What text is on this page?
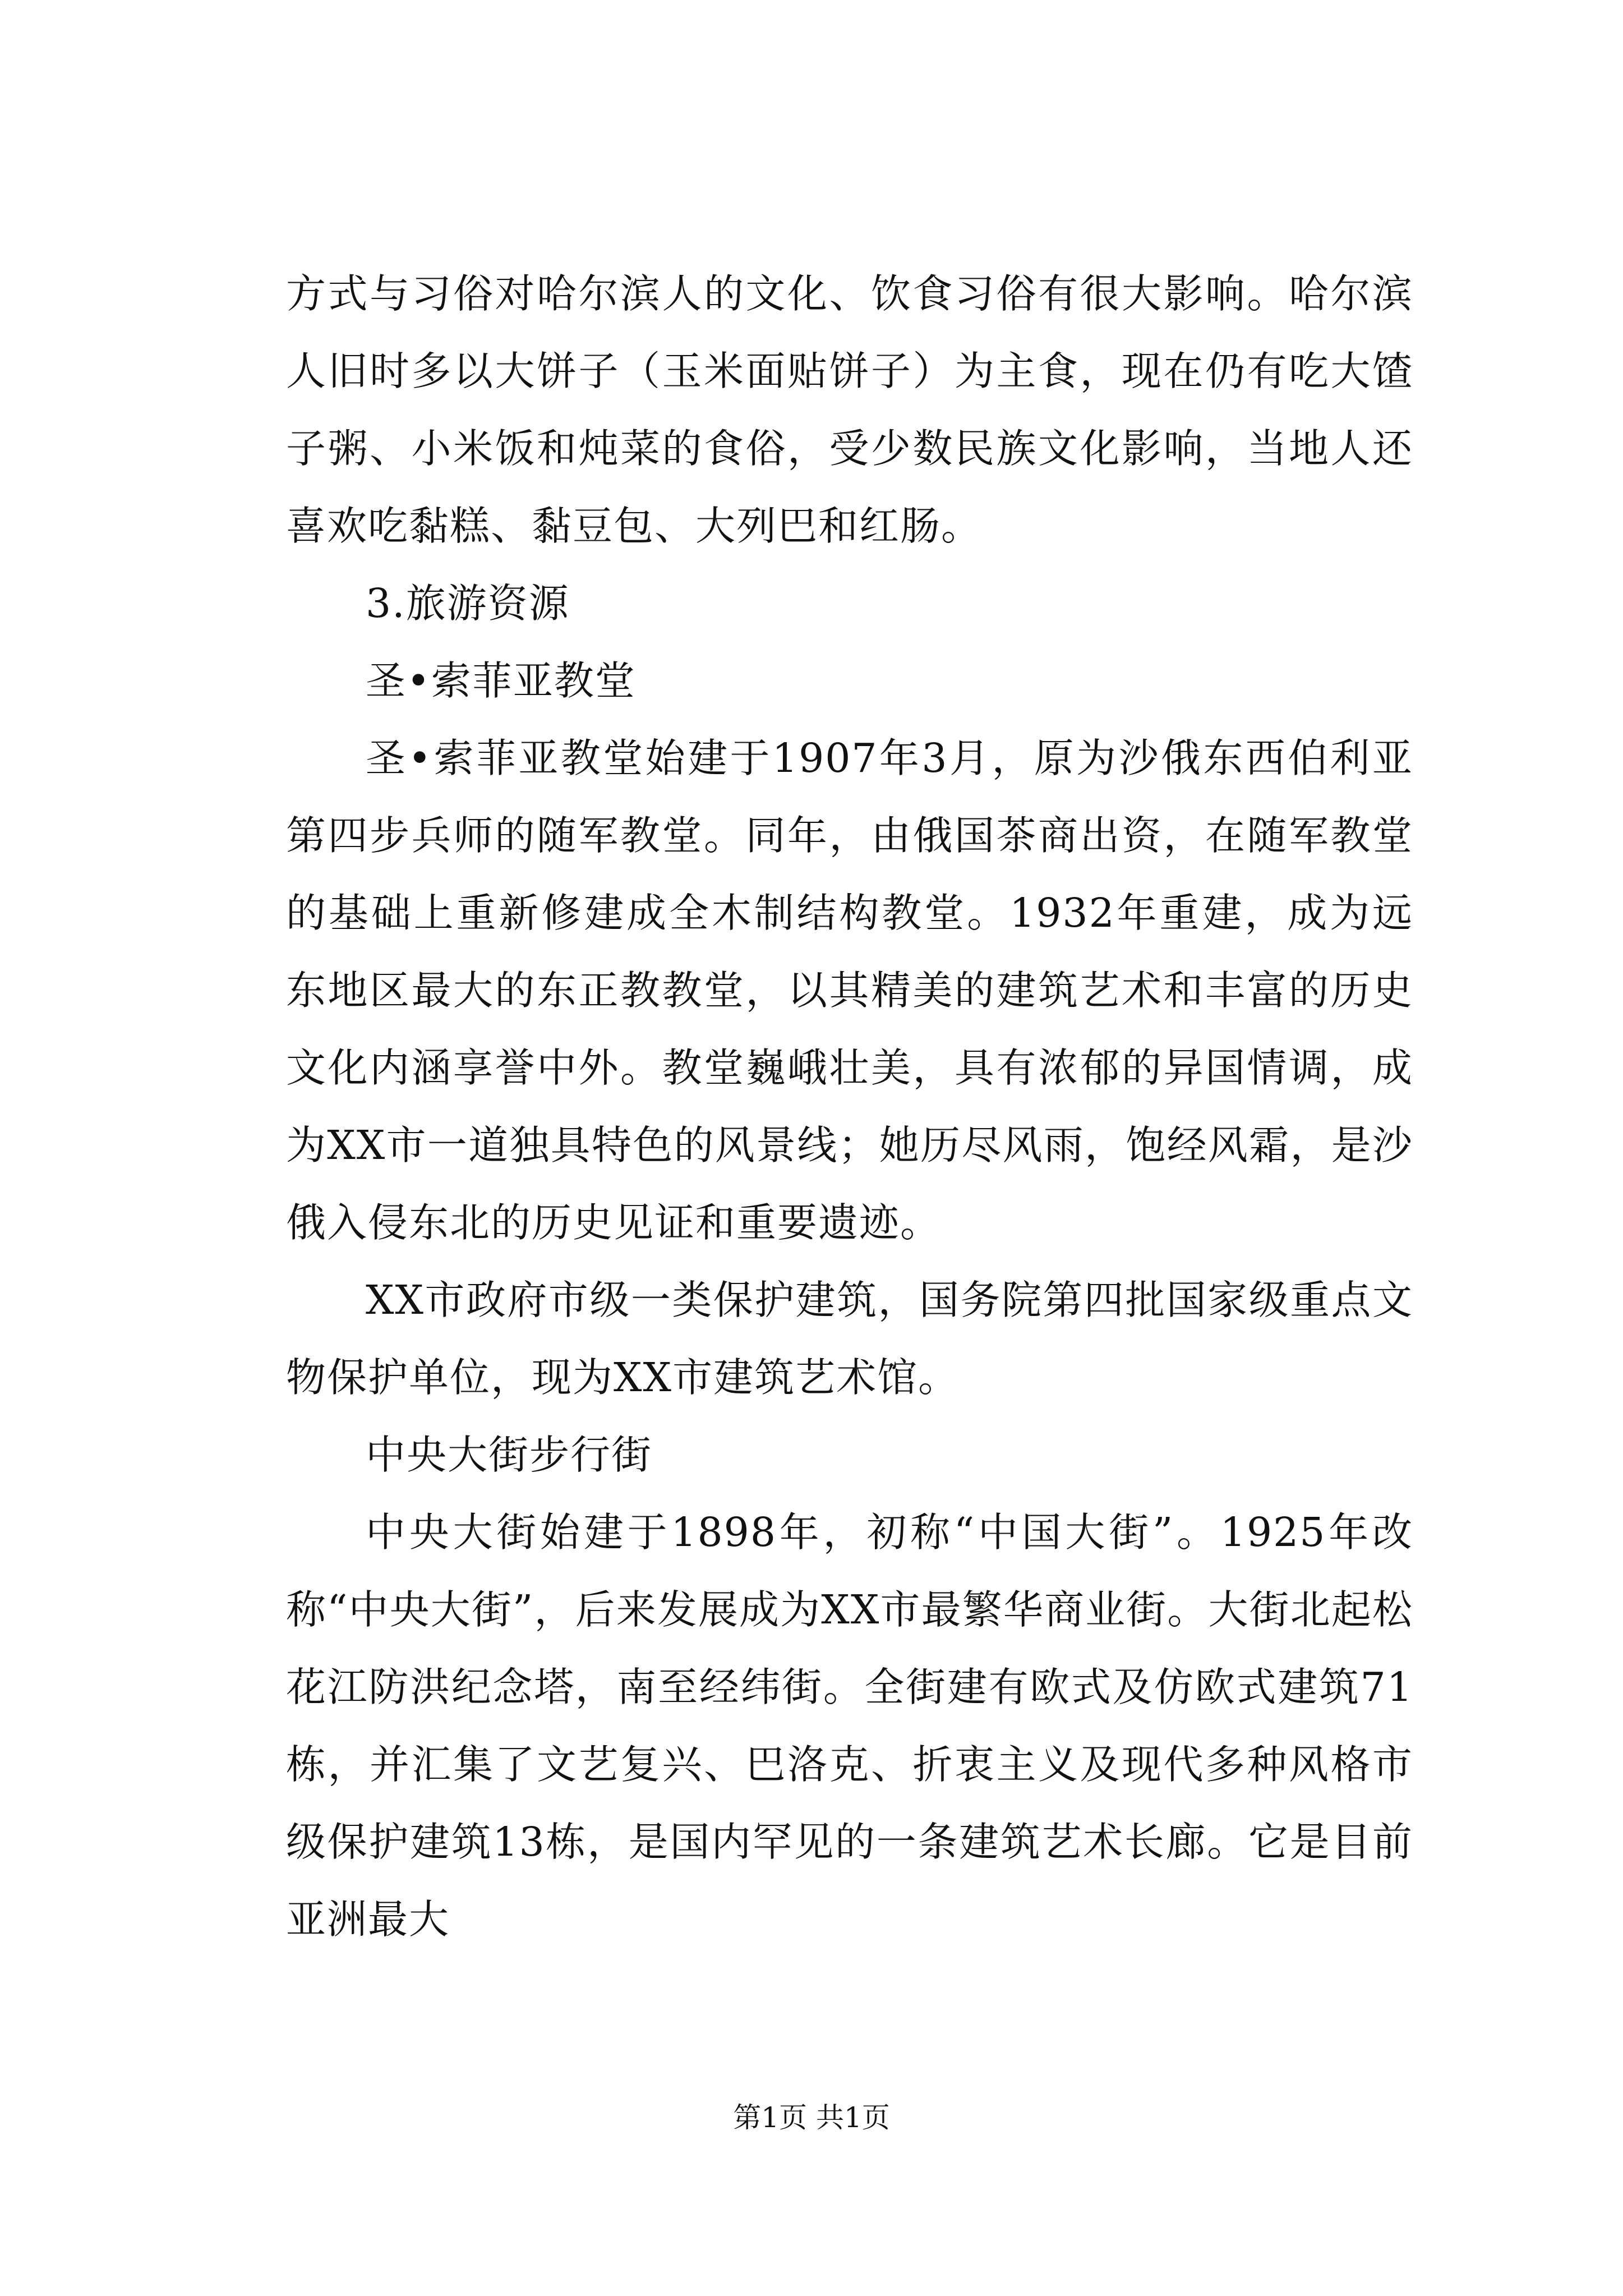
方式与习俗对哈尔滨人的文化、饮食习俗有很大影响。哈尔滨人旧时多以大饼子（玉米面贴饼子）为主食，现在仍有吃大馇子粥、小米饭和炖菜的食俗，受少数民族文化影响，当地人还喜欢吃黏糕、黏豆包、大列巴和红肠。

3.旅游资源

圣•索菲亚教堂

圣•索菲亚教堂始建于1907年3月，原为沙俄东西伯利亚第四步兵师的随军教堂。同年，由俄国茶商出资，在随军教堂的基础上重新修建成全木制结构教堂。1932年重建，成为远东地区最大的东正教教堂，以其精美的建筑艺术和丰富的历史文化内涵享誉中外。教堂巍峨壮美，具有浓郁的异国情调，成为XX市一道独具特色的风景线；她历尽风雨，饱经风霜，是沙俄入侵东北的历史见证和重要遗迹。

XX市政府市级一类保护建筑，国务院第四批国家级重点文物保护单位，现为XX市建筑艺术馆。

中央大街步行街

中央大街始建于1898年，初称“中国大街”。1925年改称“中央大街”，后来发展成为XX市最繁华商业街。大街北起松花江防洪纪念塔，南至经纬街。全街建有欧式及仿欧式建筑71栋，并汇集了文艺复兴、巴洛克、折衷主义及现代多种风格市级保护建筑13栋，是国内罕见的一条建筑艺术长廊。它是目前亚洲最大

第1页 共1页
